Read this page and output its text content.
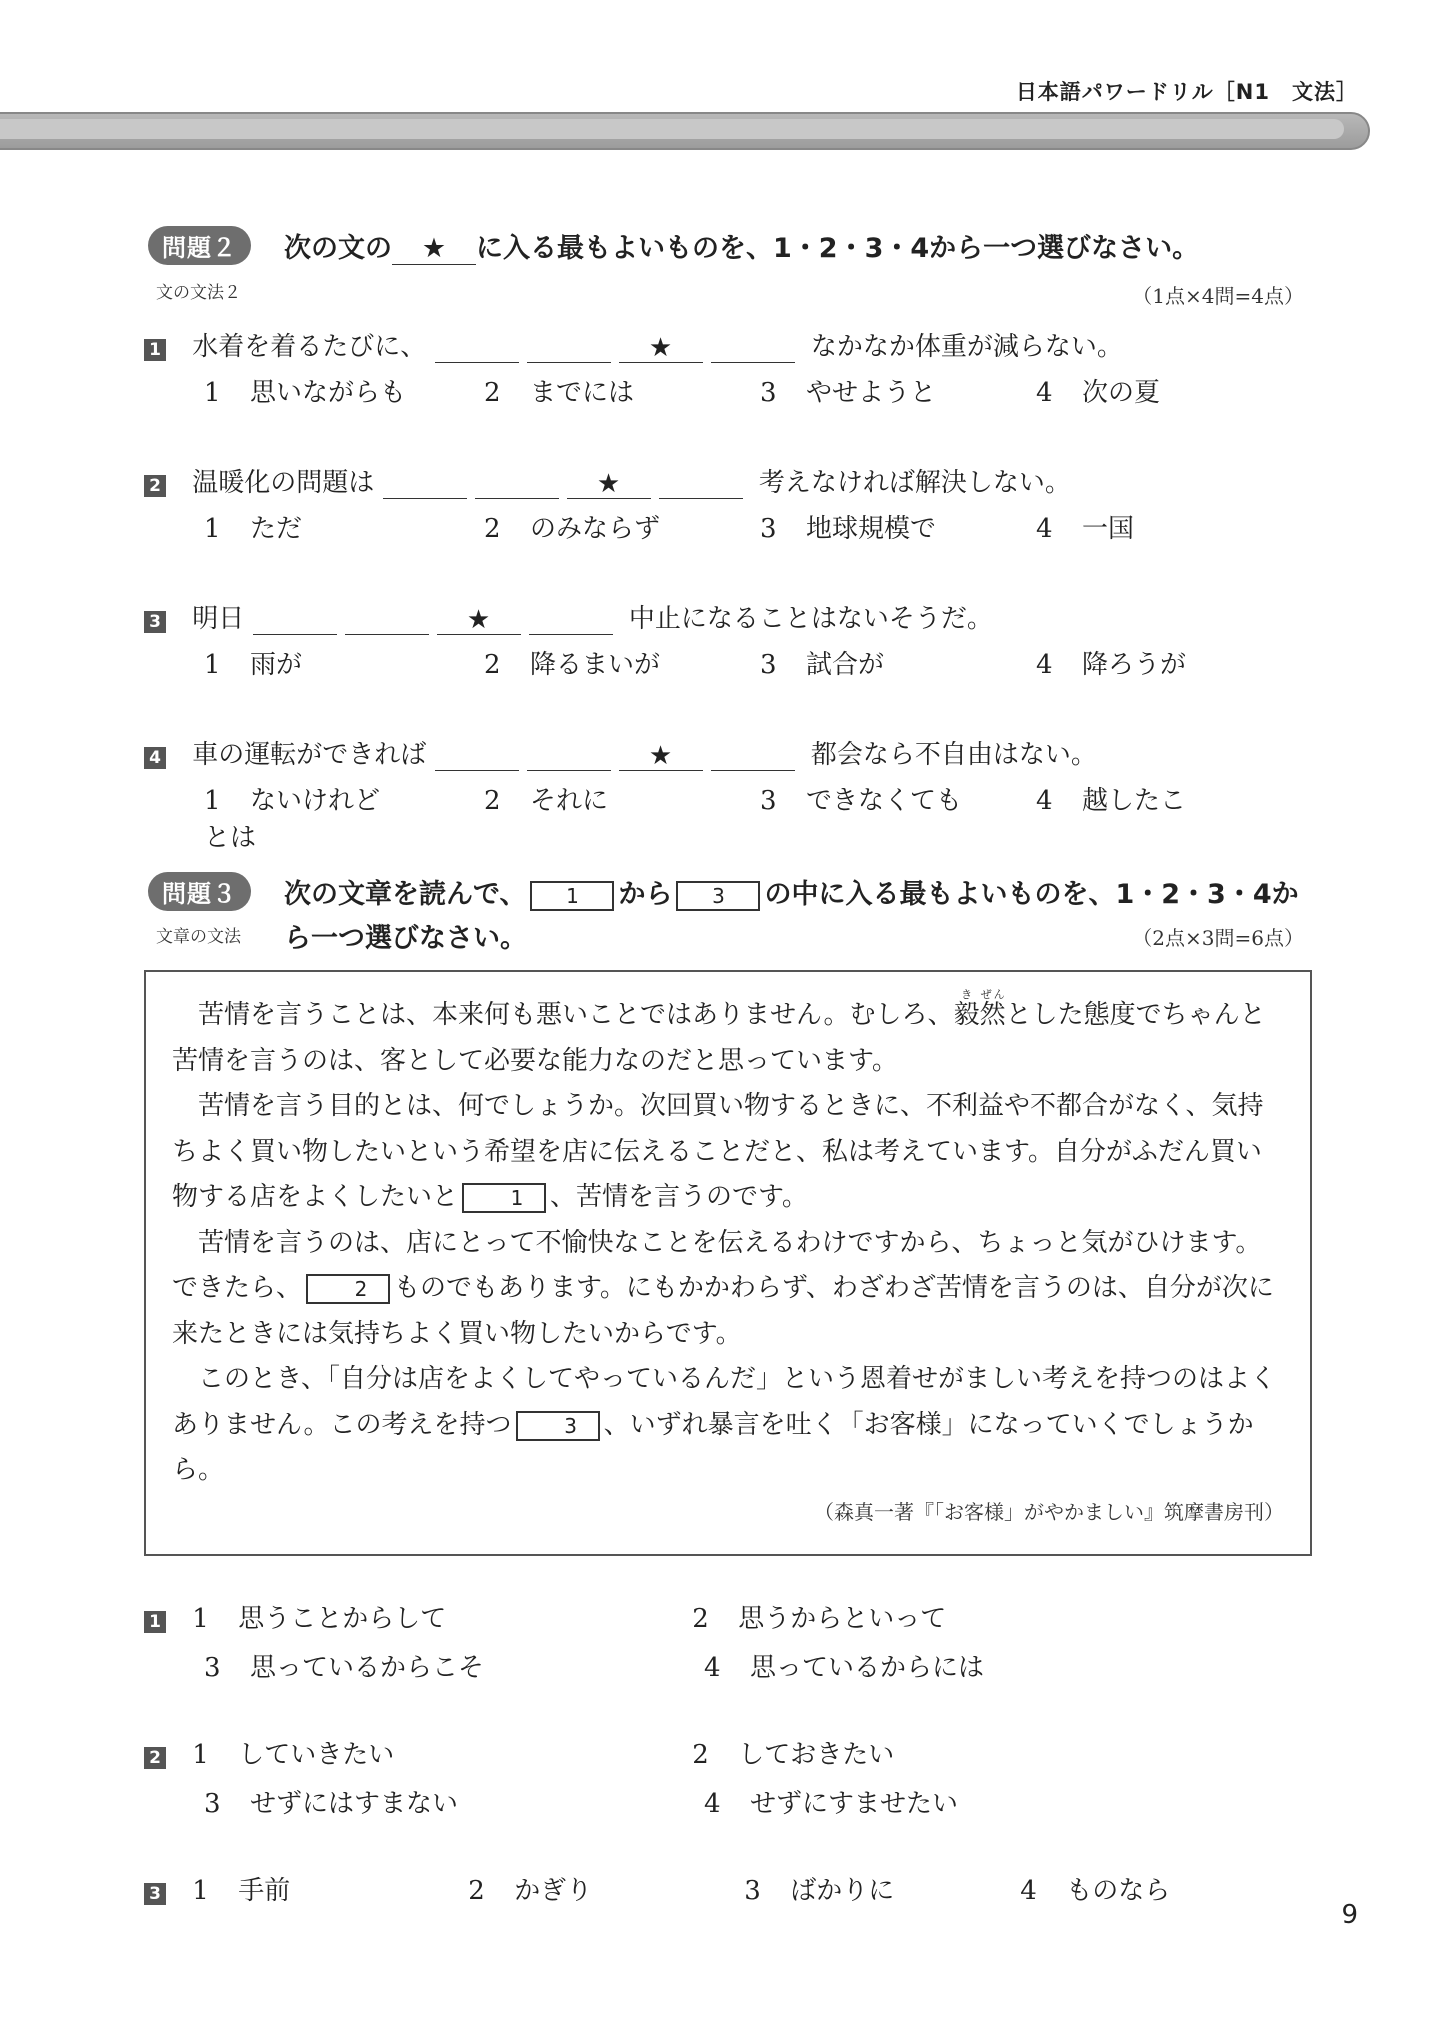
日本語パワードリル［N1　文法］
問題２	次の文の ★ に入る最もよいものを、1・2・3・4から一つ選びなさい。
文の文法２	（1点×4問=4点）
1 水着を着るたびに、	★	なかなか体重が減らない。
1 思いながらも	2 までには	3 やせようと	4 次の夏
2 温暖化の問題は	★	考えなければ解決しない。
1 ただ	2 のみならず	3 地球規模で	4 一国
3 明日	★	中止になることはないそうだ。
1 雨が	2 降るまいが	3 試合が	4 降ろうが
4 車の運転ができれば	★	都会なら不自由はない。
1 ないけれど	2 それに	3 できなくても	4 越したことは
問題３	次の文章を読んで、 1 から 3 の中に入る最もよいものを、1・2・3・4か
文章の文法 ら一つ選びなさい。	（2点×3問=6点）

苦情を言うことは、本来何も悪いことではありません。むしろ、毅き然ぜんとした態度でちゃんと苦情を言うのは、客として必要な能力なのだと思っています。

苦情を言う目的とは、何でしょうか。次回買い物するときに、不利益や不都合がなく、気持ちよく買い物したいという希望を店に伝えることだと、私は考えています。自分がふだん買い物する店をよくしたいと	1 、苦情を言うのです。

苦情を言うのは、店にとって不愉快なことを伝えるわけですから、ちょっと気がひけます。できたら、	2 ものでもあります。にもかかわらず、わざわざ苦情を言うのは、自分が次に来たときには気持ちよく買い物したいからです。

このとき、「自分は店をよくしてやっているんだ」という恩着せがましい考えを持つのはよくありません。この考えを持つ	3 、いずれ暴言を吐く「お客様」になっていくでしょうから。

（森真一著『「お客様」がやかましい』筑摩書房刊）
1 1 思うことからして	2 思うからといって
3 思っているからこそ	4 思っているからには
2 1 していきたい	2 しておきたい
3 せずにはすまない	4 せずにすませたい
3 1 手前	2 かぎり	3 ばかりに	4 ものなら
9
